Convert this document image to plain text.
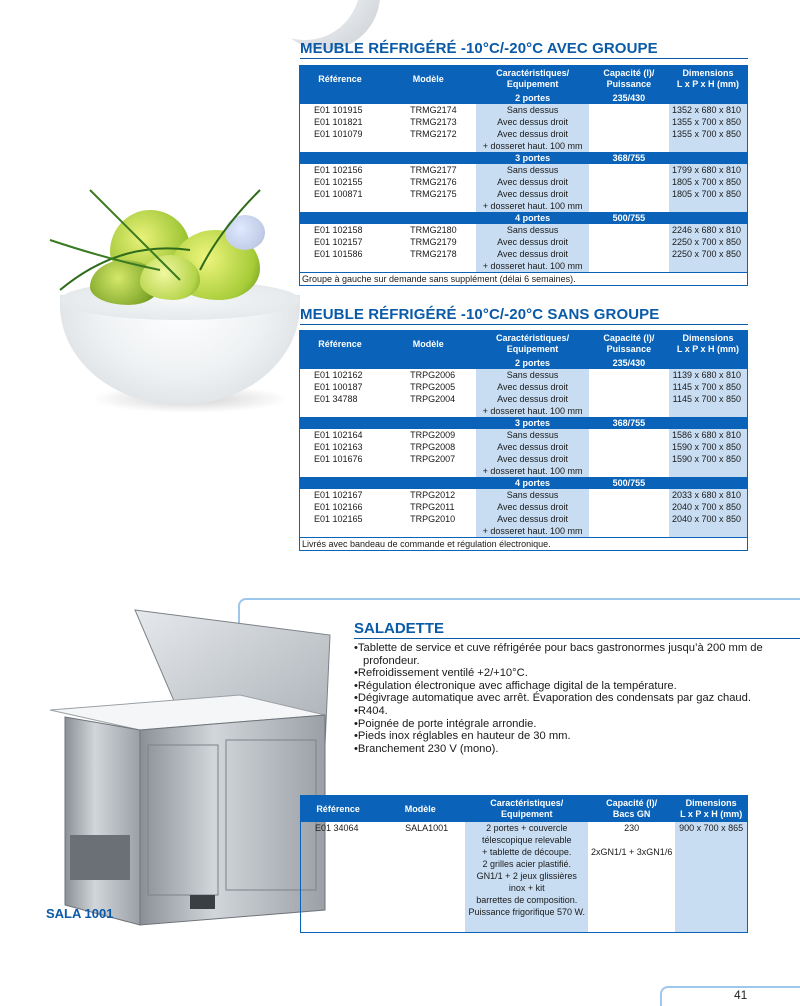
MEUBLE RÉFRIGÉRÉ -10°C/-20°C AVEC GROUPE
Référence	Modèle	Caractéristiques/
Equipement	Capacité (l)/
Puissance	Dimensions
L x P x H (mm)
		2 portes	235/430	
E01 101915	TRMG2174	Sans dessus		1352 x 680 x 810
E01 101821	TRMG2173	Avec dessus droit		1355 x 700 x 850
E01 101079	TRMG2172	Avec dessus droit		1355 x 700 x 850
		+ dosseret haut. 100 mm		
		3 portes	368/755	
E01 102156	TRMG2177	Sans dessus		1799 x 680 x 810
E01 102155	TRMG2176	Avec dessus droit		1805 x 700 x 850
E01 100871	TRMG2175	Avec dessus droit		1805 x 700 x 850
		+ dosseret haut. 100 mm		
		4 portes	500/755	
E01 102158	TRMG2180	Sans dessus		2246 x 680 x 810
E01 102157	TRMG2179	Avec dessus droit		2250 x 700 x 850
E01 101586	TRMG2178	Avec dessus droit		2250 x 700 x 850
		+ dosseret haut. 100 mm		
Groupe à gauche sur demande sans supplément (délai 6 semaines).				
MEUBLE RÉFRIGÉRÉ -10°C/-20°C SANS GROUPE
Référence	Modèle	Caractéristiques/
Equipement	Capacité (l)/
Puissance	Dimensions
L x P x H (mm)
		2 portes	235/430	
E01 102162	TRPG2006	Sans dessus		1139 x 680 x 810
E01 100187	TRPG2005	Avec dessus droit		1145 x 700 x 850
E01 34788	TRPG2004	Avec dessus droit		1145 x 700 x 850
		+ dosseret haut. 100 mm		
		3 portes	368/755	
E01 102164	TRPG2009	Sans dessus		1586 x 680 x 810
E01 102163	TRPG2008	Avec dessus droit		1590 x 700 x 850
E01 101676	TRPG2007	Avec dessus droit		1590 x 700 x 850
		+ dosseret haut. 100 mm		
		4 portes	500/755	
E01 102167	TRPG2012	Sans dessus		2033 x 680 x 810
E01 102166	TRPG2011	Avec dessus droit		2040 x 700 x 850
E01 102165	TRPG2010	Avec dessus droit		2040 x 700 x 850
		+ dosseret haut. 100 mm		
Livrés avec bandeau de commande et régulation électronique.				
SALA 1001
SALADETTE
• Tablette de service et cuve réfrigérée pour bacs gastronormes jusqu’à 200 mm de profondeur.
• Refroidissement ventilé +2/+10°C.
• Régulation électronique avec affichage digital de la température.
• Dégivrage automatique avec arrêt. Évaporation des condensats par gaz chaud.
• R404.
• Poignée de porte intégrale arrondie.
• Pieds inox réglables en hauteur de 30 mm.
• Branchement 230 V (mono).
Référence	Modèle	Caractéristiques/
Equipement	Capacité (l)/
Bacs GN	Dimensions
L x P x H (mm)
E01 34064	SALA1001	2 portes + couvercle	230	900 x 700 x 865
		télescopique relevable		
		+ tablette de découpe.	2xGN1/1 + 3xGN1/6	
		2 grilles acier plastifié.		
		GN1/1 + 2 jeux glissières		
		inox + kit		
		barrettes de composition.		
		Puissance frigorifique 570 W.		

41
